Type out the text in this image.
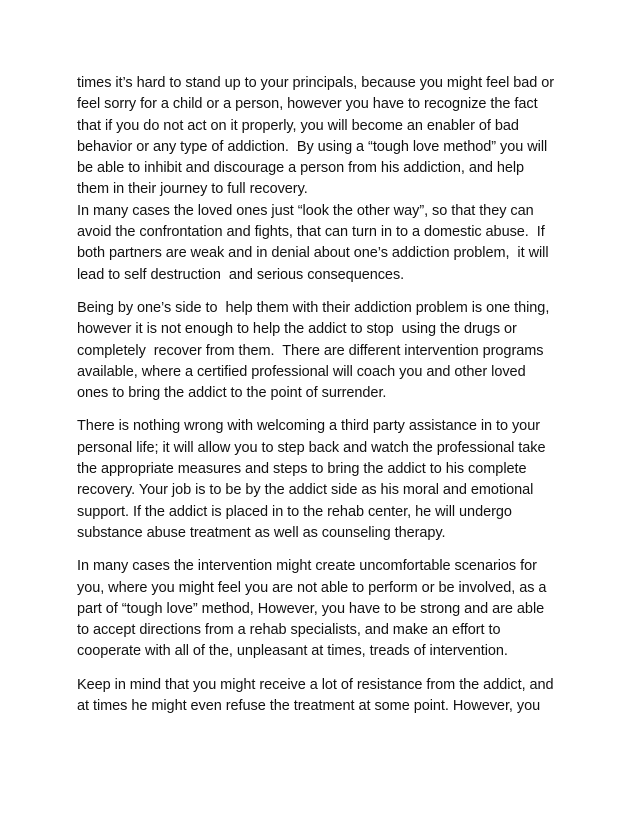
times it’s hard to stand up to your principals, because you might feel bad or
feel sorry for a child or a person, however you have to recognize the fact
that if you do not act on it properly, you will become an enabler of bad
behavior or any type of addiction.  By using a “tough love method” you will
be able to inhibit and discourage a person from his addiction, and help
them in their journey to full recovery.

In many cases the loved ones just “look the other way”, so that they can
avoid the confrontation and fights, that can turn in to a domestic abuse.  If
both partners are weak and in denial about one’s addiction problem,  it will
lead to self destruction  and serious consequences.

Being by one’s side to  help them with their addiction problem is one thing,
however it is not enough to help the addict to stop  using the drugs or
completely  recover from them.  There are different intervention programs
available, where a certified professional will coach you and other loved
ones to bring the addict to the point of surrender.

There is nothing wrong with welcoming a third party assistance in to your
personal life; it will allow you to step back and watch the professional take
the appropriate measures and steps to bring the addict to his complete
recovery. Your job is to be by the addict side as his moral and emotional
support. If the addict is placed in to the rehab center, he will undergo
substance abuse treatment as well as counseling therapy.

In many cases the intervention might create uncomfortable scenarios for
you, where you might feel you are not able to perform or be involved, as a
part of “tough love” method, However, you have to be strong and are able
to accept directions from a rehab specialists, and make an effort to
cooperate with all of the, unpleasant at times, treads of intervention.

Keep in mind that you might receive a lot of resistance from the addict, and
at times he might even refuse the treatment at some point. However, you
